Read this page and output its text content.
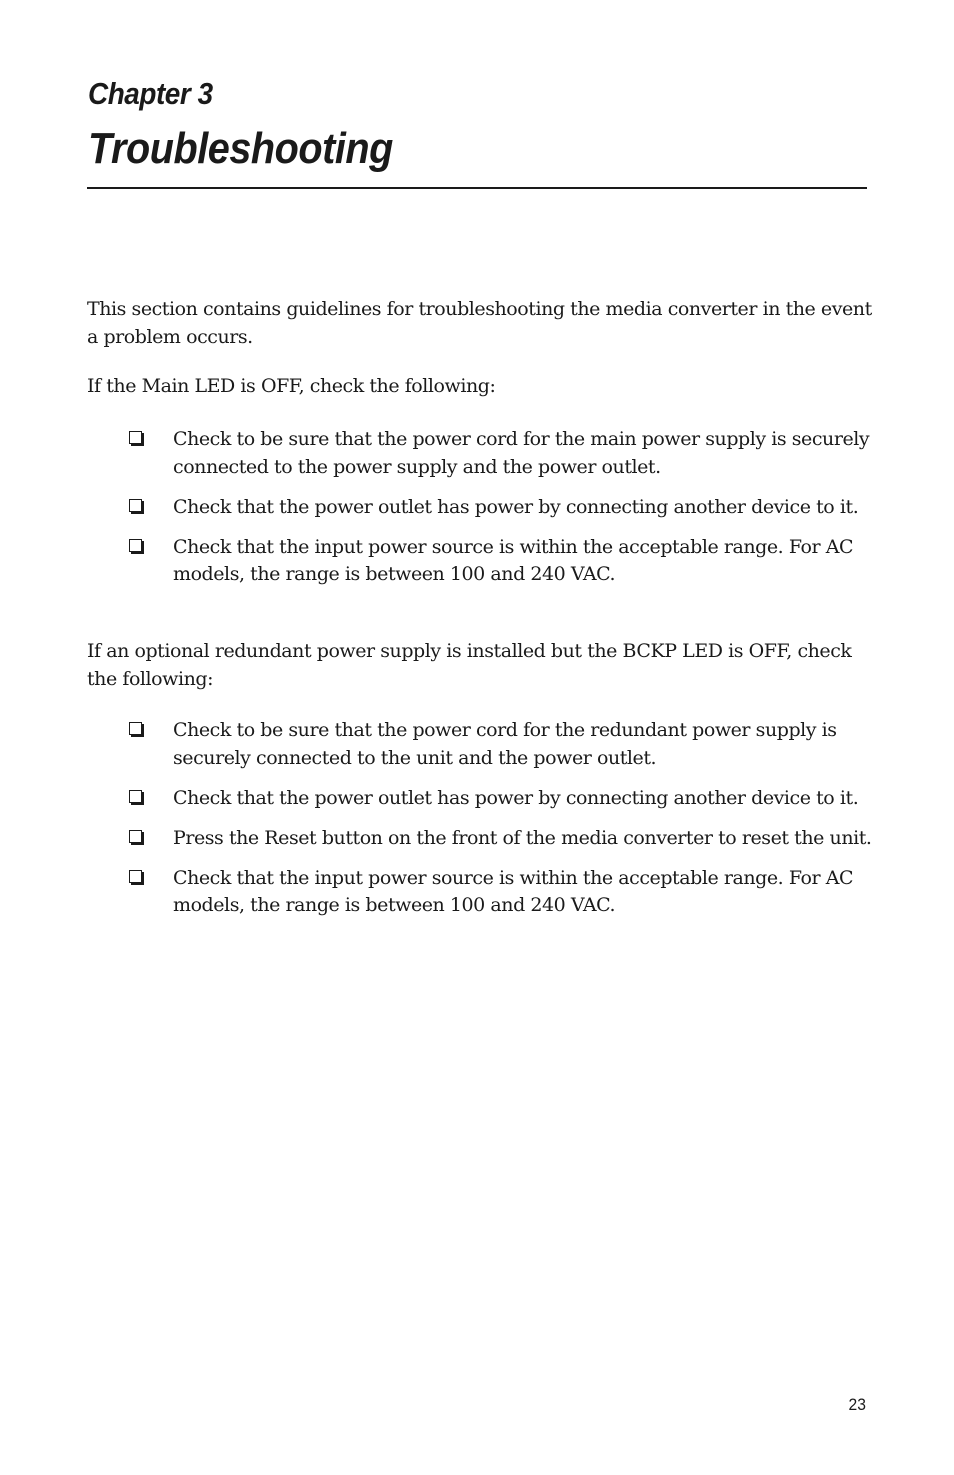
Chapter 3
Troubleshooting

This section contains guidelines for troubleshooting the media converter in the event a problem occurs.

If the Main LED is OFF, check the following:

Check to be sure that the power cord for the main power supply is securely connected to the power supply and the power outlet.
Check that the power outlet has power by connecting another device to it.
Check that the input power source is within the acceptable range. For AC models, the range is between 100 and 240 VAC.

If an optional redundant power supply is installed but the BCKP LED is OFF, check the following:

Check to be sure that the power cord for the redundant power supply is securely connected to the unit and the power outlet.
Check that the power outlet has power by connecting another device to it.
Press the Reset button on the front of the media converter to reset the unit.
Check that the input power source is within the acceptable range. For AC models, the range is between 100 and 240 VAC.
23
